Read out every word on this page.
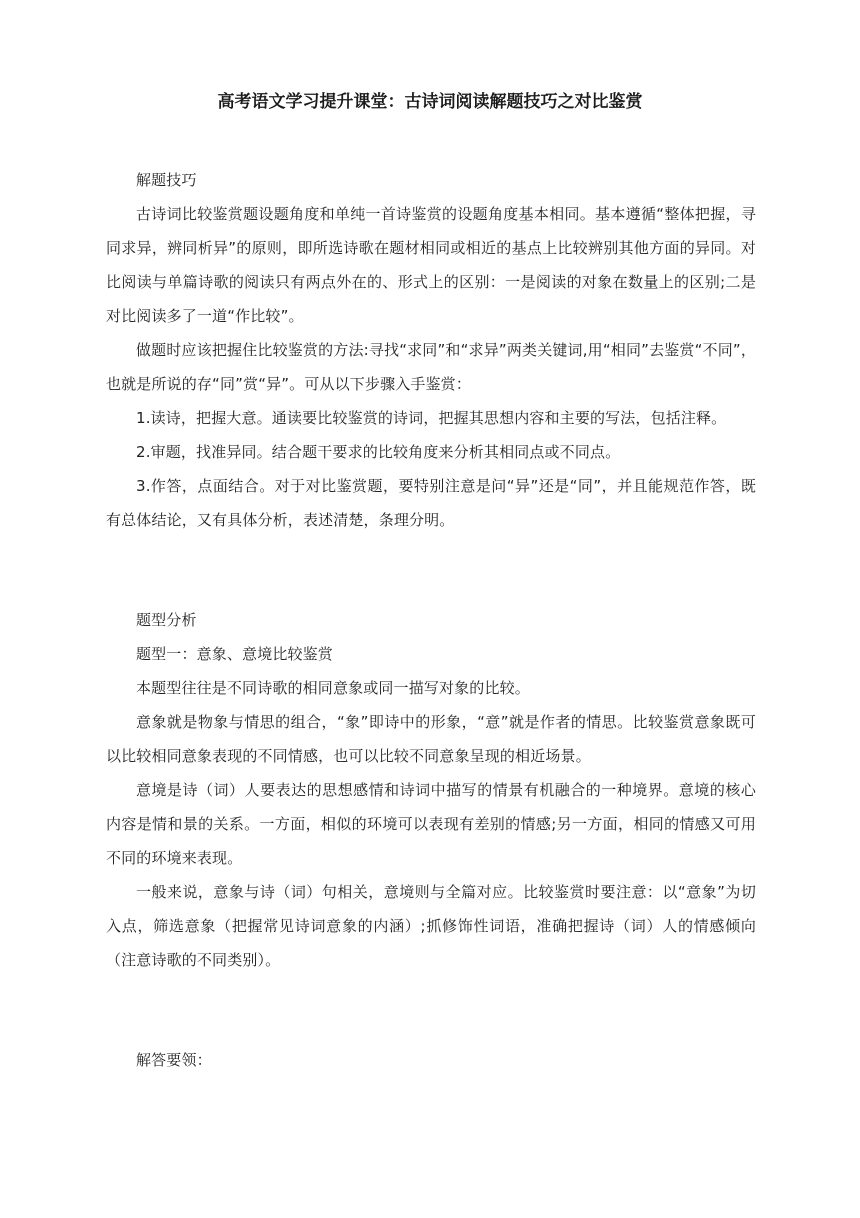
高考语文学习提升课堂：古诗词阅读解题技巧之对比鉴赏

解题技巧

古诗词比较鉴赏题设题角度和单纯一首诗鉴赏的设题角度基本相同。基本遵循“整体把握，寻同求异，辨同析异”的原则，即所选诗歌在题材相同或相近的基点上比较辨别其他方面的异同。对比阅读与单篇诗歌的阅读只有两点外在的、形式上的区别：一是阅读的对象在数量上的区别;二是对比阅读多了一道“作比较”。

做题时应该把握住比较鉴赏的方法:寻找“求同”和“求异”两类关键词,用“相同”去鉴赏“不同”，也就是所说的存“同”赏“异”。可从以下步骤入手鉴赏：

1.读诗，把握大意。通读要比较鉴赏的诗词，把握其思想内容和主要的写法，包括注释。

2.审题，找准异同。结合题干要求的比较角度来分析其相同点或不同点。

3.作答，点面结合。对于对比鉴赏题，要特别注意是问“异”还是“同”，并且能规范作答，既有总体结论，又有具体分析，表述清楚，条理分明。

题型分析

题型一：意象、意境比较鉴赏

本题型往往是不同诗歌的相同意象或同一描写对象的比较。

意象就是物象与情思的组合，“象”即诗中的形象，“意”就是作者的情思。比较鉴赏意象既可以比较相同意象表现的不同情感，也可以比较不同意象呈现的相近场景。

意境是诗（词）人要表达的思想感情和诗词中描写的情景有机融合的一种境界。意境的核心内容是情和景的关系。一方面，相似的环境可以表现有差别的情感;另一方面，相同的情感又可用不同的环境来表现。

一般来说，意象与诗（词）句相关，意境则与全篇对应。比较鉴赏时要注意：以“意象”为切入点，筛选意象（把握常见诗词意象的内涵）;抓修饰性词语，准确把握诗（词）人的情感倾向（注意诗歌的不同类别）。

解答要领：
